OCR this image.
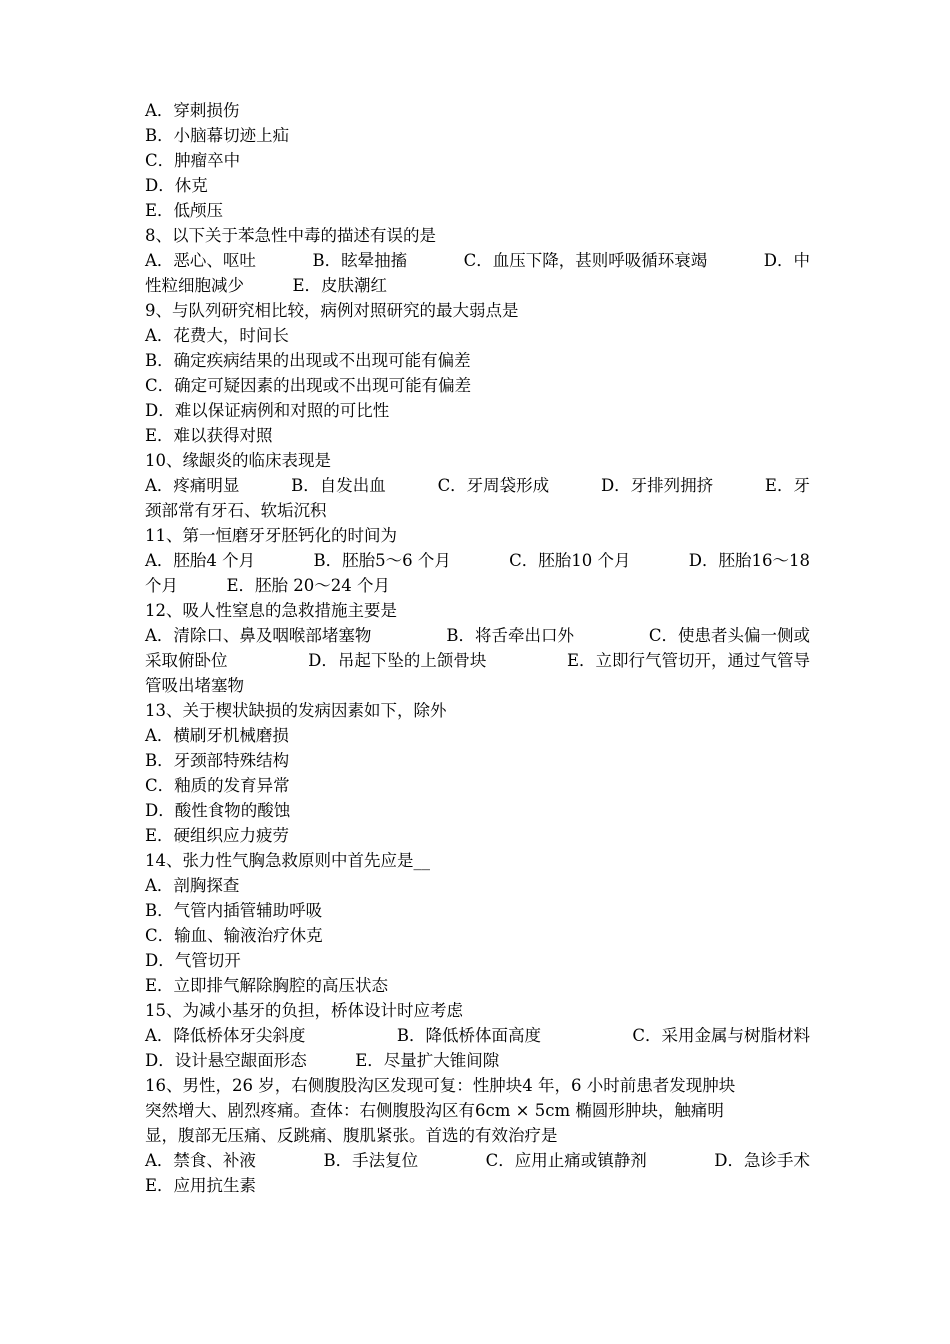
A．穿刺损伤
B．小脑幕切迹上疝
C．肿瘤卒中
D．休克
E．低颅压
8、以下关于苯急性中毒的描述有误的是
A．恶心、呕吐	B．眩晕抽搐	C．血压下降，甚则呼吸循环衰竭	D．中
性粒细胞减少	E．皮肤潮红
9、与队列研究相比较，病例对照研究的最大弱点是
A．花费大，时间长
B．确定疾病结果的出现或不出现可能有偏差
C．确定可疑因素的出现或不出现可能有偏差
D．难以保证病例和对照的可比性
E．难以获得对照
10、缘龈炎的临床表现是
A．疼痛明显	B．自发出血	C．牙周袋形成	D．牙排列拥挤	E．牙
颈部常有牙石、软垢沉积
11、第一恒磨牙牙胚钙化的时间为
A．胚胎4 个月	B．胚胎5～6 个月	C．胚胎10 个月	D．胚胎16～18
个月	E．胚胎 20～24 个月
12、吸人性窒息的急救措施主要是
A．清除口、鼻及咽喉部堵塞物	B．将舌牵出口外	C．使患者头偏一侧或
采取俯卧位	D．吊起下坠的上颌骨块	E．立即行气管切开，通过气管导
管吸出堵塞物
13、关于楔状缺损的发病因素如下，除外
A．横刷牙机械磨损
B．牙颈部特殊结构
C．釉质的发育异常
D．酸性食物的酸蚀
E．硬组织应力疲劳
14、张力性气胸急救原则中首先应是__
A．剖胸探查
B．气管内插管辅助呼吸
C．输血、输液治疗休克
D．气管切开
E．立即排气解除胸腔的高压状态
15、为减小基牙的负担，桥体设计时应考虑
A．降低桥体牙尖斜度	B．降低桥体面高度	C．采用金属与树脂材料
D．设计悬空龈面形态	E．尽量扩大锥间隙
16、男性，26 岁，右侧腹股沟区发现可复：性肿块4 年，6 小时前患者发现肿块
突然增大、剧烈疼痛。查体：右侧腹股沟区有6cm × 5cm 椭圆形肿块，触痛明
显，腹部无压痛、反跳痛、腹肌紧张。首选的有效治疗是
A．禁食、补液	B．手法复位	C．应用止痛或镇静剂	D．急诊手术
E．应用抗生素
